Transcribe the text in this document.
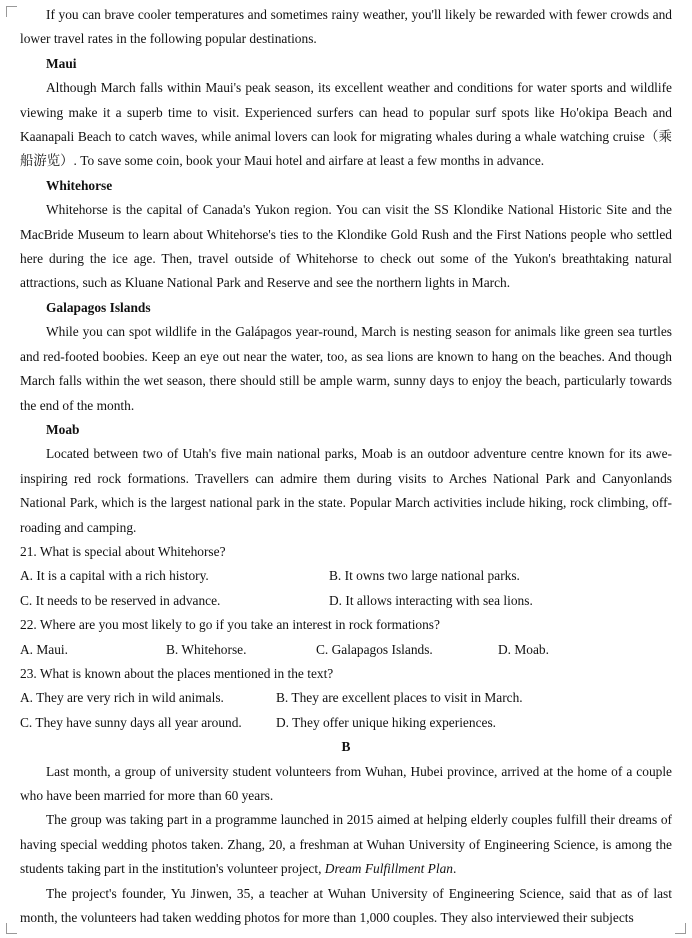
If you can brave cooler temperatures and sometimes rainy weather, you'll likely be rewarded with fewer crowds and lower travel rates in the following popular destinations.

Maui

Although March falls within Maui's peak season, its excellent weather and conditions for water sports and wildlife viewing make it a superb time to visit. Experienced surfers can head to popular surf spots like Ho'okipa Beach and Kaanapali Beach to catch waves, while animal lovers can look for migrating whales during a whale watching cruise（乘船游览）. To save some coin, book your Maui hotel and airfare at least a few months in advance.

Whitehorse

Whitehorse is the capital of Canada's Yukon region. You can visit the SS Klondike National Historic Site and the MacBride Museum to learn about Whitehorse's ties to the Klondike Gold Rush and the First Nations people who settled here during the ice age. Then, travel outside of Whitehorse to check out some of the Yukon's breathtaking natural attractions, such as Kluane National Park and Reserve and see the northern lights in March.

Galapagos Islands

While you can spot wildlife in the Galápagos year-round, March is nesting season for animals like green sea turtles and red-footed boobies. Keep an eye out near the water, too, as sea lions are known to hang on the beaches. And though March falls within the wet season, there should still be ample warm, sunny days to enjoy the beach, particularly towards the end of the month.

Moab

Located between two of Utah's five main national parks, Moab is an outdoor adventure centre known for its awe-inspiring red rock formations. Travellers can admire them during visits to Arches National Park and Canyonlands National Park, which is the largest national park in the state. Popular March activities include hiking, rock climbing, off-roading and camping.

21. What is special about Whitehorse?
A. It is a capital with a rich history.	B. It owns two large national parks.
C. It needs to be reserved in advance.	D. It allows interacting with sea lions.
22. Where are you most likely to go if you take an interest in rock formations?
A. Maui.	B. Whitehorse.	C. Galapagos Islands.	D. Moab.
23. What is known about the places mentioned in the text?
A. They are very rich in wild animals.	B. They are excellent places to visit in March.
C. They have sunny days all year around.	D. They offer unique hiking experiences.
B

Last month, a group of university student volunteers from Wuhan, Hubei province, arrived at the home of a couple who have been married for more than 60 years.

The group was taking part in a programme launched in 2015 aimed at helping elderly couples fulfill their dreams of having special wedding photos taken. Zhang, 20, a freshman at Wuhan University of Engineering Science, is among the students taking part in the institution's volunteer project, Dream Fulfillment Plan.

The project's founder, Yu Jinwen, 35, a teacher at Wuhan University of Engineering Science, said that as of last month, the volunteers had taken wedding photos for more than 1,000 couples. They also interviewed their subjects
